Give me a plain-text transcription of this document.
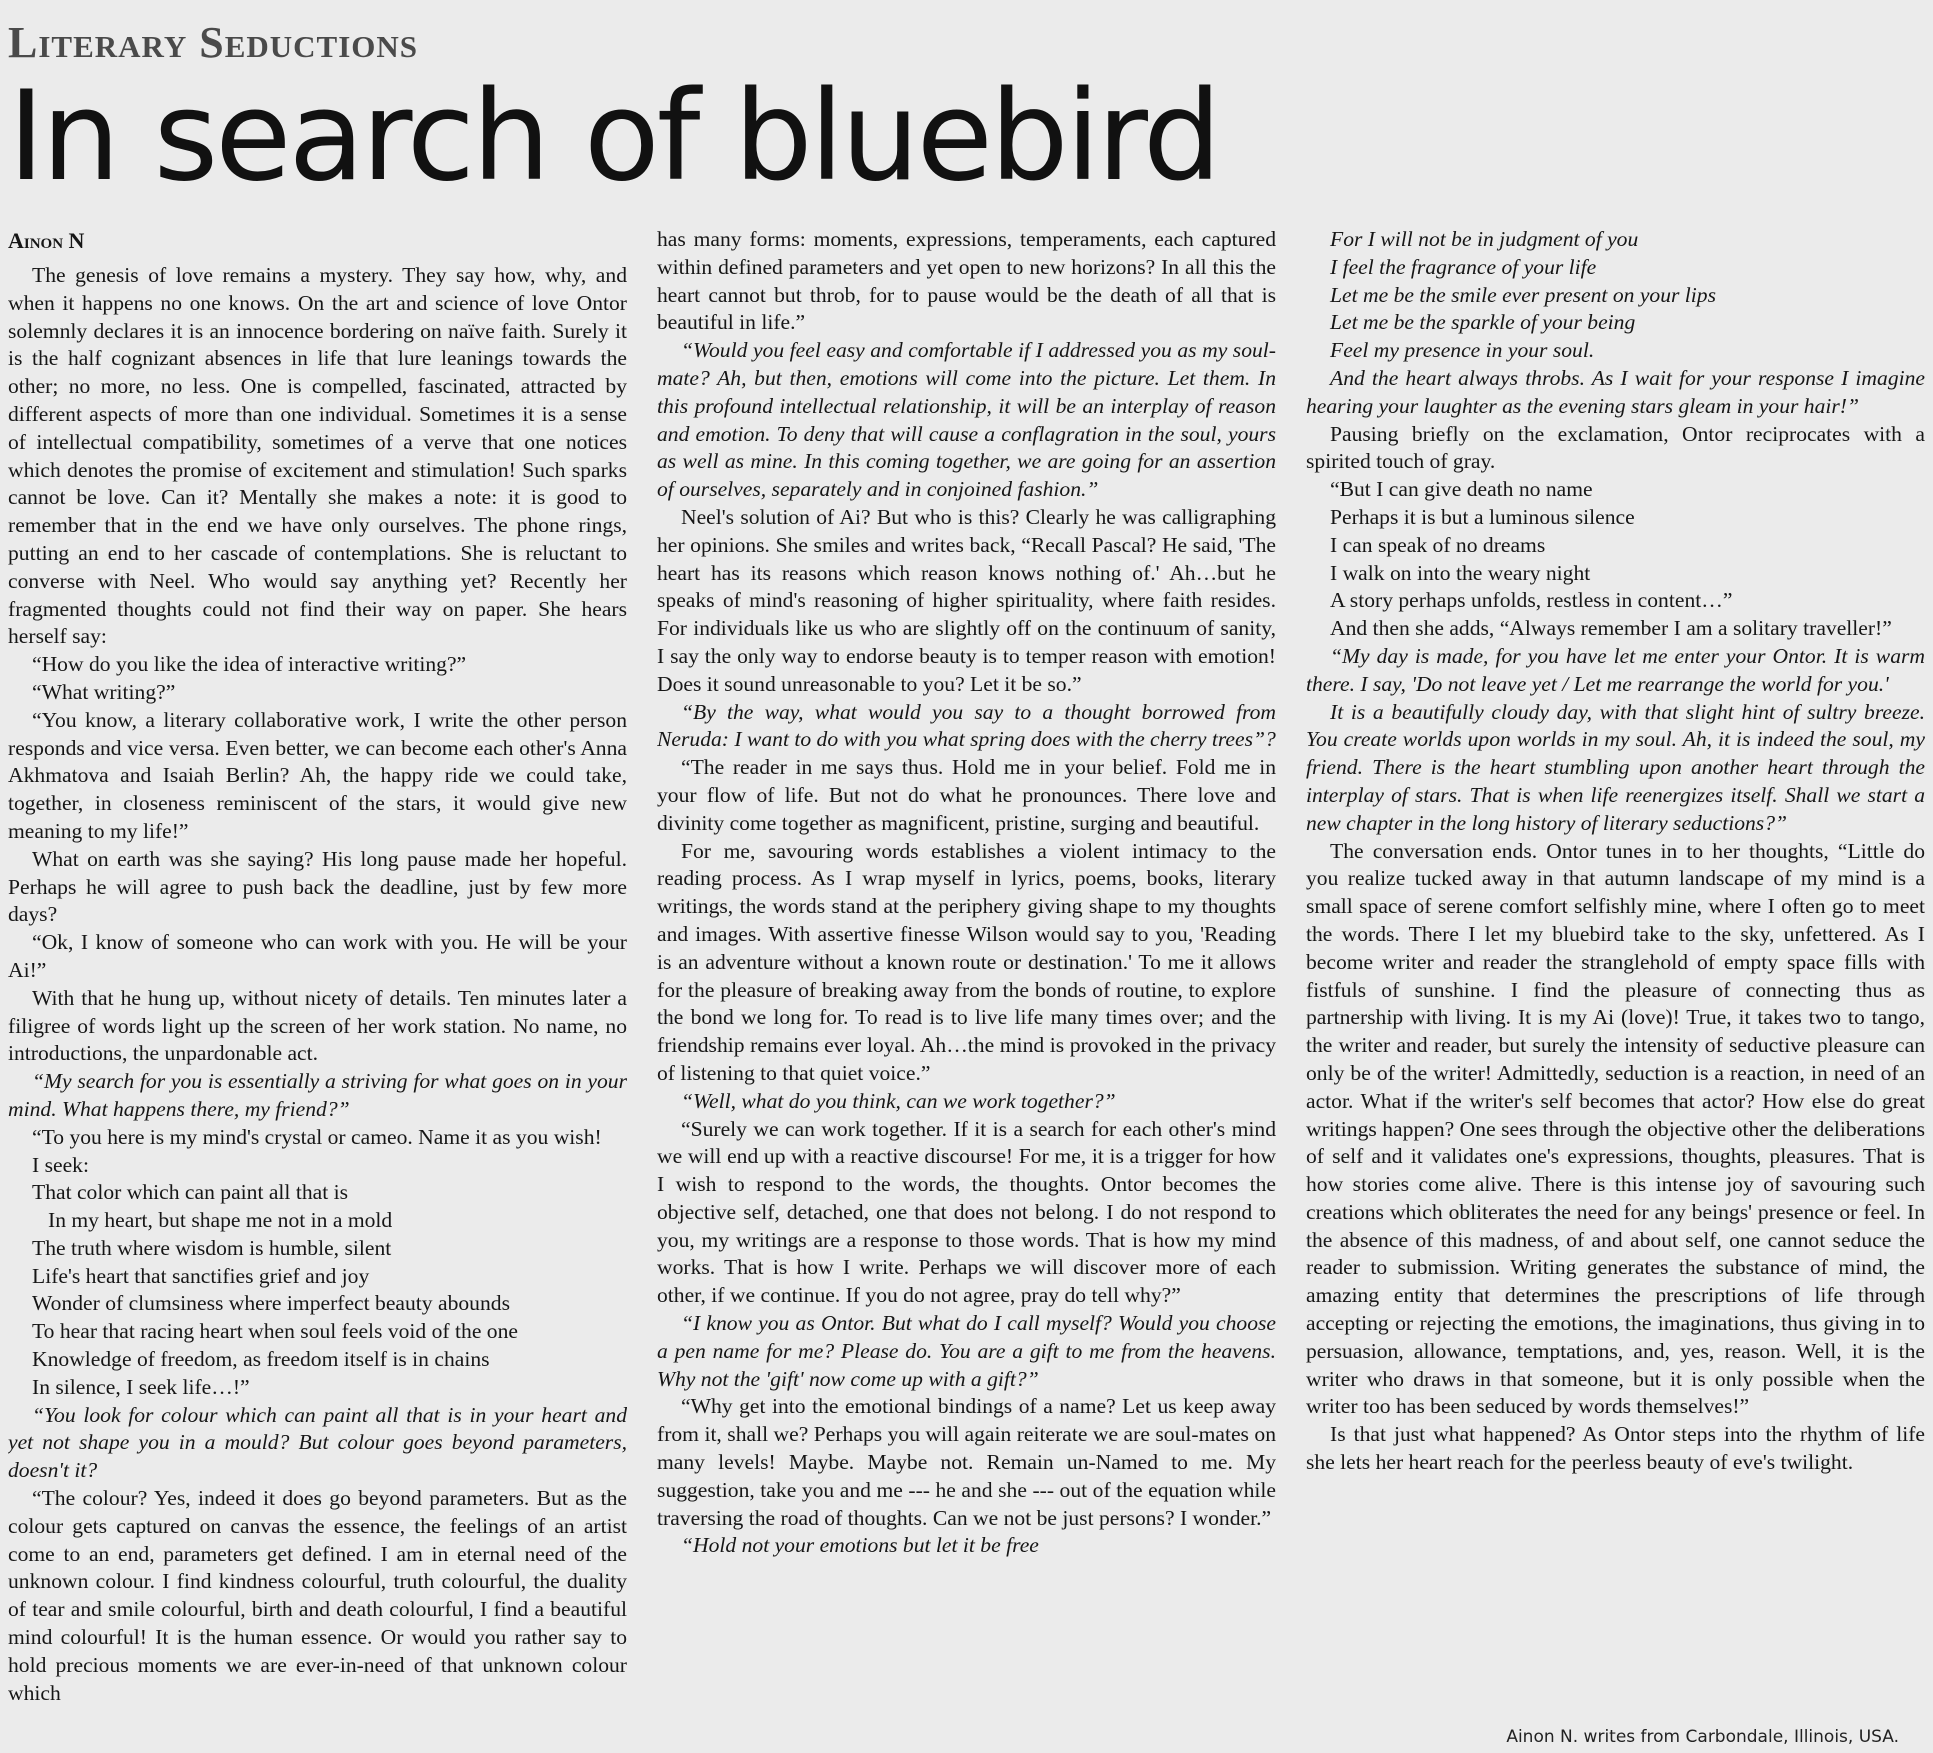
Literary Seductions
In search of bluebird
Ainon N

The genesis of love remains a mystery. They say how, why, and when it happens no one knows. On the art and science of love Ontor solemnly declares it is an innocence bordering on naïve faith. Surely it is the half cognizant absences in life that lure leanings towards the other; no more, no less. One is compelled, fascinated, attracted by different aspects of more than one individual. Sometimes it is a sense of intellectual compatibility, sometimes of a verve that one notices which denotes the promise of excitement and stimulation! Such sparks cannot be love. Can it? Mentally she makes a note: it is good to remember that in the end we have only ourselves. The phone rings, putting an end to her cascade of contemplations. She is reluctant to converse with Neel. Who would say anything yet? Recently her fragmented thoughts could not find their way on paper. She hears herself say:

“How do you like the idea of interactive writing?”

“What writing?”

“You know, a literary collaborative work, I write the other person responds and vice versa. Even better, we can become each other's Anna Akhmatova and Isaiah Berlin? Ah, the happy ride we could take, together, in closeness reminiscent of the stars, it would give new meaning to my life!”

What on earth was she saying? His long pause made her hopeful. Perhaps he will agree to push back the deadline, just by few more days?

“Ok, I know of someone who can work with you. He will be your Ai!”

With that he hung up, without nicety of details. Ten minutes later a filigree of words light up the screen of her work station. No name, no introductions, the unpardonable act.

“My search for you is essentially a striving for what goes on in your mind. What happens there, my friend?”

“To you here is my mind's crystal or cameo. Name it as you wish!

I seek:

That color which can paint all that is

In my heart, but shape me not in a mold

The truth where wisdom is humble, silent

Life's heart that sanctifies grief and joy

Wonder of clumsiness where imperfect beauty abounds

To hear that racing heart when soul feels void of the one

Knowledge of freedom, as freedom itself is in chains

In silence, I seek life…!”

“You look for colour which can paint all that is in your heart and yet not shape you in a mould? But colour goes beyond parameters, doesn't it?

“The colour? Yes, indeed it does go beyond parameters. But as the colour gets captured on canvas the essence, the feelings of an artist come to an end, parameters get defined. I am in eternal need of the unknown colour. I find kindness colourful, truth colourful, the duality of tear and smile colourful, birth and death colourful, I find a beautiful mind colourful! It is the human essence. Or would you rather say to hold precious moments we are ever-in-need of that unknown colour which

has many forms: moments, expressions, temperaments, each captured within defined parameters and yet open to new horizons? In all this the heart cannot but throb, for to pause would be the death of all that is beautiful in life.”

“Would you feel easy and comfortable if I addressed you as my soul-mate? Ah, but then, emotions will come into the picture. Let them. In this profound intellectual relationship, it will be an interplay of reason and emotion. To deny that will cause a conflagration in the soul, yours as well as mine. In this coming together, we are going for an assertion of ourselves, separately and in conjoined fashion.”

Neel's solution of Ai? But who is this? Clearly he was calligraphing her opinions. She smiles and writes back, “Recall Pascal? He said, 'The heart has its reasons which reason knows nothing of.' Ah…but he speaks of mind's reasoning of higher spirituality, where faith resides. For individuals like us who are slightly off on the continuum of sanity, I say the only way to endorse beauty is to temper reason with emotion! Does it sound unreasonable to you? Let it be so.”

“By the way, what would you say to a thought borrowed from Neruda: I want to do with you what spring does with the cherry trees”?

“The reader in me says thus. Hold me in your belief. Fold me in your flow of life. But not do what he pronounces. There love and divinity come together as magnificent, pristine, surging and beautiful.

For me, savouring words establishes a violent intimacy to the reading process. As I wrap myself in lyrics, poems, books, literary writings, the words stand at the periphery giving shape to my thoughts and images. With assertive finesse Wilson would say to you, 'Reading is an adventure without a known route or destination.' To me it allows for the pleasure of breaking away from the bonds of routine, to explore the bond we long for. To read is to live life many times over; and the friendship remains ever loyal. Ah…the mind is provoked in the privacy of listening to that quiet voice.”

“Well, what do you think, can we work together?”

“Surely we can work together. If it is a search for each other's mind we will end up with a reactive discourse! For me, it is a trigger for how I wish to respond to the words, the thoughts. Ontor becomes the objective self, detached, one that does not belong. I do not respond to you, my writings are a response to those words. That is how my mind works. That is how I write. Perhaps we will discover more of each other, if we continue. If you do not agree, pray do tell why?”

“I know you as Ontor. But what do I call myself? Would you choose a pen name for me? Please do. You are a gift to me from the heavens. Why not the 'gift' now come up with a gift?”

“Why get into the emotional bindings of a name? Let us keep away from it, shall we? Perhaps you will again reiterate we are soul-mates on many levels! Maybe. Maybe not. Remain un-Named to me. My suggestion, take you and me --- he and she --- out of the equation while traversing the road of thoughts. Can we not be just persons? I wonder.”

“Hold not your emotions but let it be free

For I will not be in judgment of you

I feel the fragrance of your life

Let me be the smile ever present on your lips

Let me be the sparkle of your being

Feel my presence in your soul.

And the heart always throbs. As I wait for your response I imagine hearing your laughter as the evening stars gleam in your hair!”

Pausing briefly on the exclamation, Ontor reciprocates with a spirited touch of gray.

“But I can give death no name

Perhaps it is but a luminous silence

I can speak of no dreams

I walk on into the weary night

A story perhaps unfolds, restless in content…”

And then she adds, “Always remember I am a solitary traveller!”

“My day is made, for you have let me enter your Ontor. It is warm there. I say, 'Do not leave yet / Let me rearrange the world for you.'

It is a beautifully cloudy day, with that slight hint of sultry breeze. You create worlds upon worlds in my soul. Ah, it is indeed the soul, my friend. There is the heart stumbling upon another heart through the interplay of stars. That is when life reenergizes itself. Shall we start a new chapter in the long history of literary seductions?”

The conversation ends. Ontor tunes in to her thoughts, “Little do you realize tucked away in that autumn landscape of my mind is a small space of serene comfort selfishly mine, where I often go to meet the words. There I let my bluebird take to the sky, unfettered. As I become writer and reader the stranglehold of empty space fills with fistfuls of sunshine. I find the pleasure of connecting thus as partnership with living. It is my Ai (love)! True, it takes two to tango, the writer and reader, but surely the intensity of seductive pleasure can only be of the writer! Admittedly, seduction is a reaction, in need of an actor. What if the writer's self becomes that actor? How else do great writings happen? One sees through the objective other the deliberations of self and it validates one's expressions, thoughts, pleasures. That is how stories come alive. There is this intense joy of savouring such creations which obliterates the need for any beings' presence or feel. In the absence of this madness, of and about self, one cannot seduce the reader to submission. Writing generates the substance of mind, the amazing entity that determines the prescriptions of life through accepting or rejecting the emotions, the imaginations, thus giving in to persuasion, allowance, temptations, and, yes, reason. Well, it is the writer who draws in that someone, but it is only possible when the writer too has been seduced by words themselves!”

Is that just what happened? As Ontor steps into the rhythm of life she lets her heart reach for the peerless beauty of eve's twilight.

Ainon N. writes from Carbondale, Illinois, USA.
